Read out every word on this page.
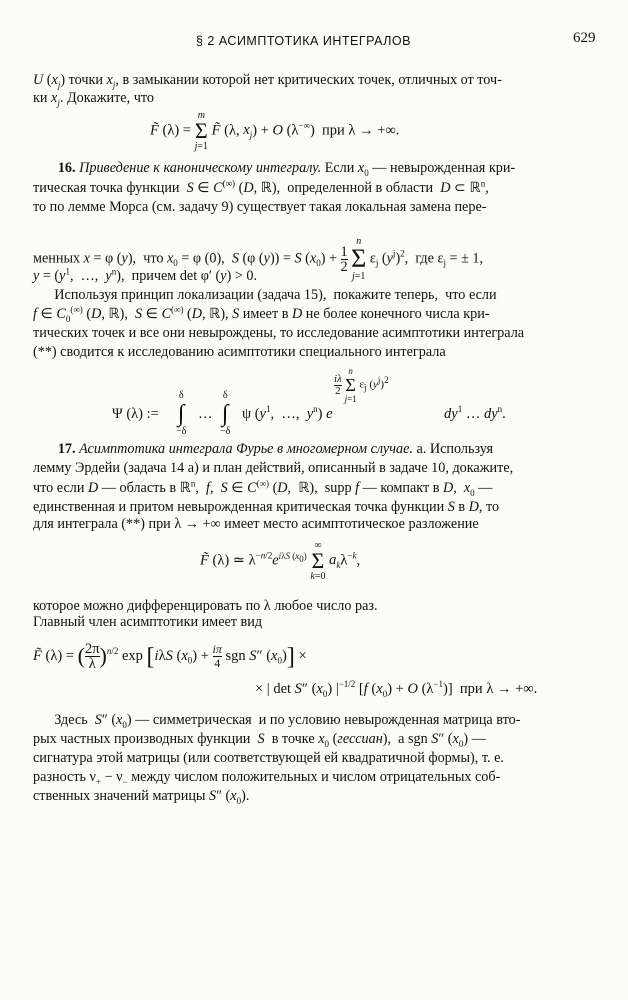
§ 2 АСИМПТОТИКА ИНТЕГРАЛОВ	629
U $(x_j)$ точки $x_j$, в замыкании которой нет критических точек, отличных от точ-
ки $x_j$. Докажите, что
F̃ (λ) =
m
Σ
j=1
F̃ (λ, $x_j) + O$ (λ−∞)  при λ → +∞.
16. Приведение к каноническому интегралу. Если $x_0$ — невырожденная кри-
тическая точка функции  S ∈ C(∞) (D, ℝ),  определенной в области  D ⊂ ℝ$^n$,
то по лемме Морса (см. задачу 9) существует такая локальная замена пере-
менных x = φ (y),  что $x_0 = \varphi$ (0),  S (φ (y)) = S $(x_0) + \frac{1}{2}$

n
Σ
j=1
$\varepsilon_j$ $(y^j)^2$,  где $\varepsilon_j$ = ± 1,
$y = (y^1$,  …,  $y^n$),  причем det φ′ (y) > 0.
Используя принцип локализации (задача 15),  покажите теперь,  что если
f ∈ $C_0^{(\infty)}$ (D, ℝ),  S ∈ C(∞) (D, ℝ), S имеет в D не более конечного числа кри-
тических точек и все они невырождены, то исследование асимптотики интеграла
(**) сводится к исследованию асимптотики специального интеграла
Ψ (λ) :=
δ
∫
−δ
…
δ
∫
−δ
ψ ($y^1$,  …,  $y^n$) e
$\frac{i\lambda}{2}$

n
Σ
j=1
$\varepsilon_j$ $(y^j)^2$
$dy^1$ … $dy^n$.
17. Асимптотика интеграла Фурье в многомерном случае. а. Используя
лемму Эрдейи (задача 14 а) и план действий, описанный в задаче 10, докажите,
что если D — область в ℝ$^n$,  f,  S ∈ C(∞) (D,  ℝ),  supp f — компакт в D,  $x_0$ —
единственная и притом невырожденная критическая точка функции S в D, то
для интеграла (**) при λ → +∞ имеет место асимптотическое разложение
F̃ (λ) ≃ $\lambda^{-n/2}e^{i\lambda S (x_0)}$
∞
Σ
k=0
$a_k\lambda^{-k}$,
которое можно дифференцировать по λ любое число раз.
Главный член асимптотики имеет вид
F̃ (λ) = ( $\frac{2\pi}{\lambda} )^{n/2}$ exp [iλS $(x_0) + \frac{i\pi}{4}$ sgn S″ $(x_0)$] ×
× | det S″ $(x_0)$ $|^{-1/2}$ [f $(x_0) + O$ $(\lambda^{-1})$]  при λ → +∞.
Здесь  S″ $(x_0)$ — симметрическая  и по условию невырожденная матрица вто-
рых частных производных функции  S  в точке $x_0$ (гессиан),  а sgn S″ $(x_0)$ —
сигнатура этой матрицы (или соответствующей ей квадратичной формы), т. е.
разность $\nu_+ - \nu_-$ между числом положительных и числом отрицательных соб-
ственных значений матрицы S″ $(x_0)$.
